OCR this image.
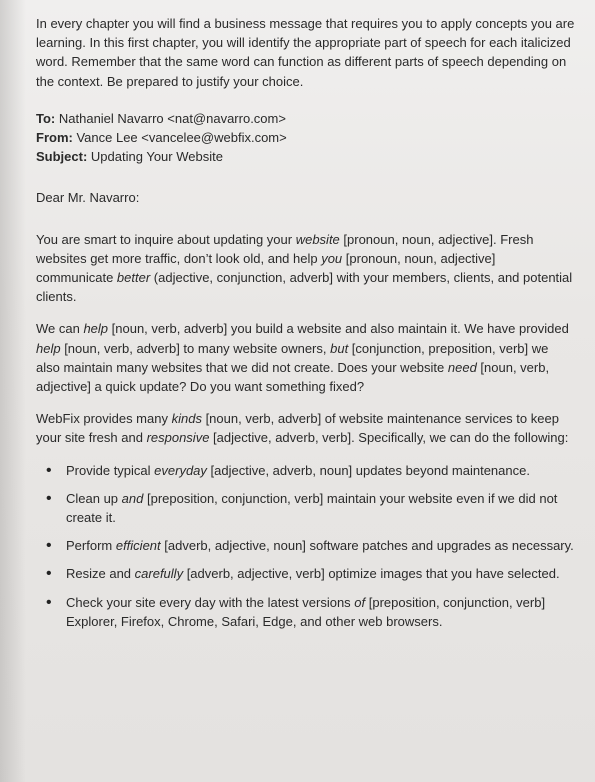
In every chapter you will find a business message that requires you to apply concepts you are learning. In this first chapter, you will identify the appropriate part of speech for each italicized word. Remember that the same word can function as different parts of speech depending on the context. Be prepared to justify your choice.

To: Nathaniel Navarro <nat@navarro.com>

From: Vance Lee <vancelee@webfix.com>

Subject: Updating Your Website

Dear Mr. Navarro:

You are smart to inquire about updating your website [pronoun, noun, adjective]. Fresh websites get more traffic, don’t look old, and help you [pronoun, noun, adjective] communicate better (adjective, conjunction, adverb] with your members, clients, and potential clients.

We can help [noun, verb, adverb] you build a website and also maintain it. We have provided help [noun, verb, adverb] to many website owners, but [conjunction, preposition, verb] we also maintain many websites that we did not create. Does your website need [noun, verb, adjective] a quick update? Do you want something fixed?

WebFix provides many kinds [noun, verb, adverb] of website maintenance services to keep your site fresh and responsive [adjective, adverb, verb]. Specifically, we can do the following:

• Provide typical everyday [adjective, adverb, noun] updates beyond maintenance.
• Clean up and [preposition, conjunction, verb] maintain your website even if we did not create it.
• Perform efficient [adverb, adjective, noun] software patches and upgrades as necessary.
• Resize and carefully [adverb, adjective, verb] optimize images that you have selected.
• Check your site every day with the latest versions of [preposition, conjunction, verb] Explorer, Firefox, Chrome, Safari, Edge, and other web browsers.
